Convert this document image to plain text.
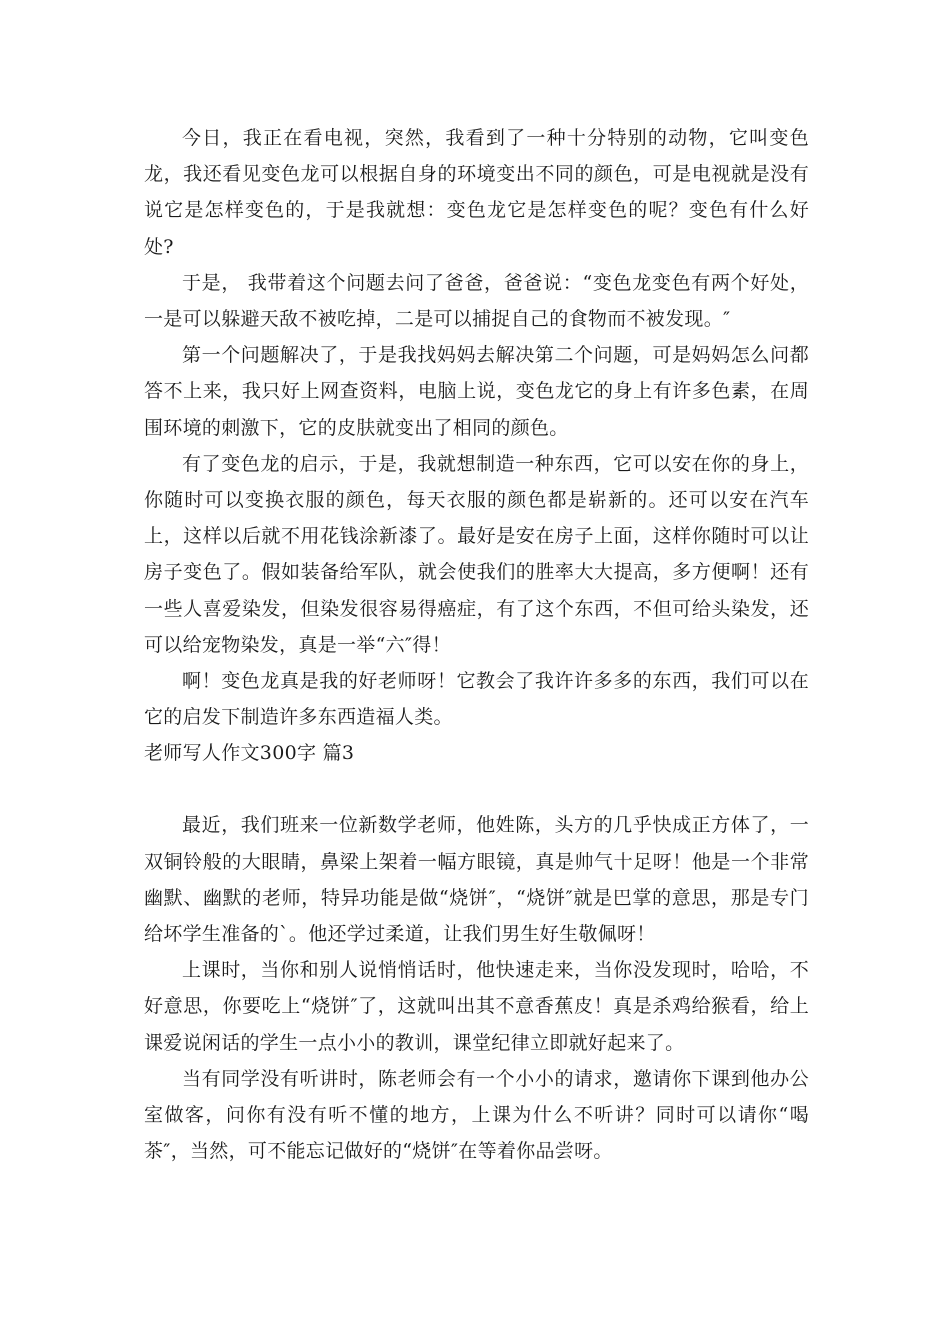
今日，我正在看电视，突然，我看到了一种十分特别的动物，它叫变色龙，我还看见变色龙可以根据自身的环境变出不同的颜色，可是电视就是没有说它是怎样变色的，于是我就想：变色龙它是怎样变色的呢？变色有什么好处?

于是， 我带着这个问题去问了爸爸，爸爸说：“变色龙变色有两个好处，一是可以躲避天敌不被吃掉，二是可以捕捉自己的食物而不被发现。″

第一个问题解决了，于是我找妈妈去解决第二个问题，可是妈妈怎么问都答不上来，我只好上网查资料，电脑上说，变色龙它的身上有许多色素，在周围环境的刺激下，它的皮肤就变出了相同的颜色。

有了变色龙的启示，于是，我就想制造一种东西，它可以安在你的身上，你随时可以变换衣服的颜色，每天衣服的颜色都是崭新的。还可以安在汽车上，这样以后就不用花钱涂新漆了。最好是安在房子上面，这样你随时可以让房子变色了。假如装备给军队，就会使我们的胜率大大提高，多方便啊！还有一些人喜爱染发，但染发很容易得癌症，有了这个东西，不但可给头染发，还可以给宠物染发，真是一举“六″得！

啊！变色龙真是我的好老师呀！它教会了我许许多多的东西，我们可以在它的启发下制造许多东西造福人类。

老师写人作文300字 篇3

最近，我们班来一位新数学老师，他姓陈，头方的几乎快成正方体了，一双铜铃般的大眼睛，鼻梁上架着一幅方眼镜，真是帅气十足呀！他是一个非常幽默、幽默的老师，特异功能是做“烧饼″，“烧饼″就是巴掌的意思，那是专门给坏学生准备的`。他还学过柔道，让我们男生好生敬佩呀！

上课时，当你和别人说悄悄话时，他快速走来，当你没发现时，哈哈，不好意思，你要吃上“烧饼″了，这就叫出其不意香蕉皮！真是杀鸡给猴看，给上课爱说闲话的学生一点小小的教训，课堂纪律立即就好起来了。

当有同学没有听讲时，陈老师会有一个小小的请求，邀请你下课到他办公室做客，问你有没有听不懂的地方，上课为什么不听讲？同时可以请你“喝茶″，当然，可不能忘记做好的“烧饼″在等着你品尝呀。
